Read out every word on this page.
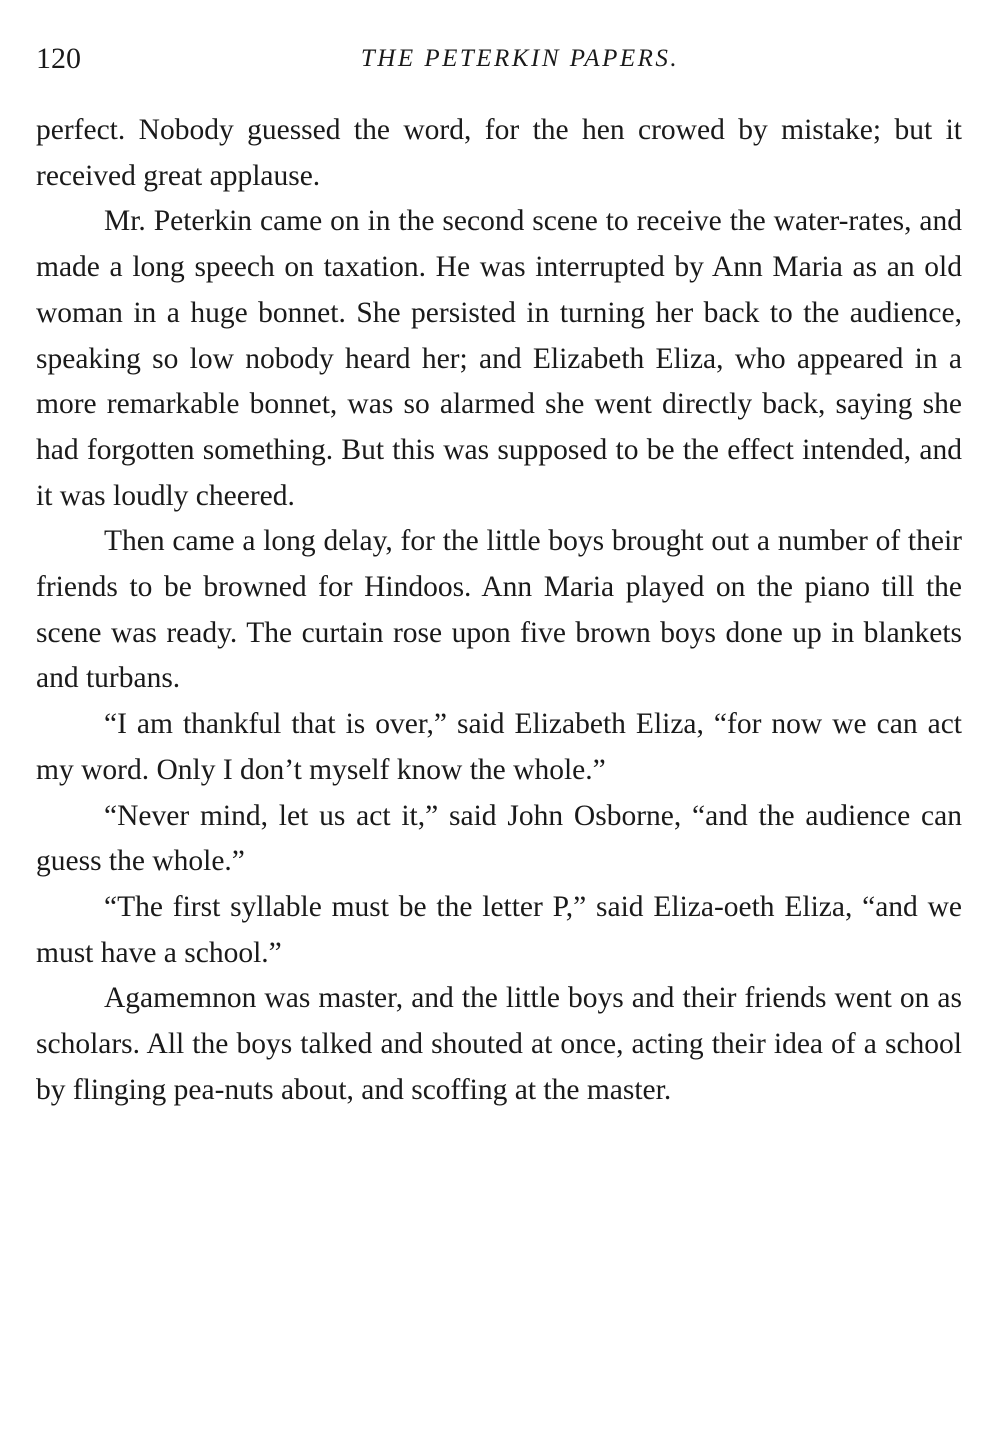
120	THE PETERKIN PAPERS.

perfect. Nobody guessed the word, for the hen crowed by mistake; but it received great applause.

Mr. Peterkin came on in the second scene to receive the water-rates, and made a long speech on taxation. He was interrupted by Ann Maria as an old woman in a huge bonnet. She persisted in turning her back to the audience, speaking so low nobody heard her; and Elizabeth Eliza, who appeared in a more remarkable bonnet, was so alarmed she went directly back, saying she had forgotten something. But this was supposed to be the effect intended, and it was loudly cheered.

Then came a long delay, for the little boys brought out a number of their friends to be browned for Hindoos. Ann Maria played on the piano till the scene was ready. The curtain rose upon five brown boys done up in blankets and turbans.

“I am thankful that is over,” said Elizabeth Eliza, “for now we can act my word. Only I don’t myself know the whole.”

“Never mind, let us act it,” said John Osborne, “and the audience can guess the whole.”

“The first syllable must be the letter P,” said Eliza-oeth Eliza, “and we must have a school.”

Agamemnon was master, and the little boys and their friends went on as scholars. All the boys talked and shouted at once, acting their idea of a school by flinging pea-nuts about, and scoffing at the master.
